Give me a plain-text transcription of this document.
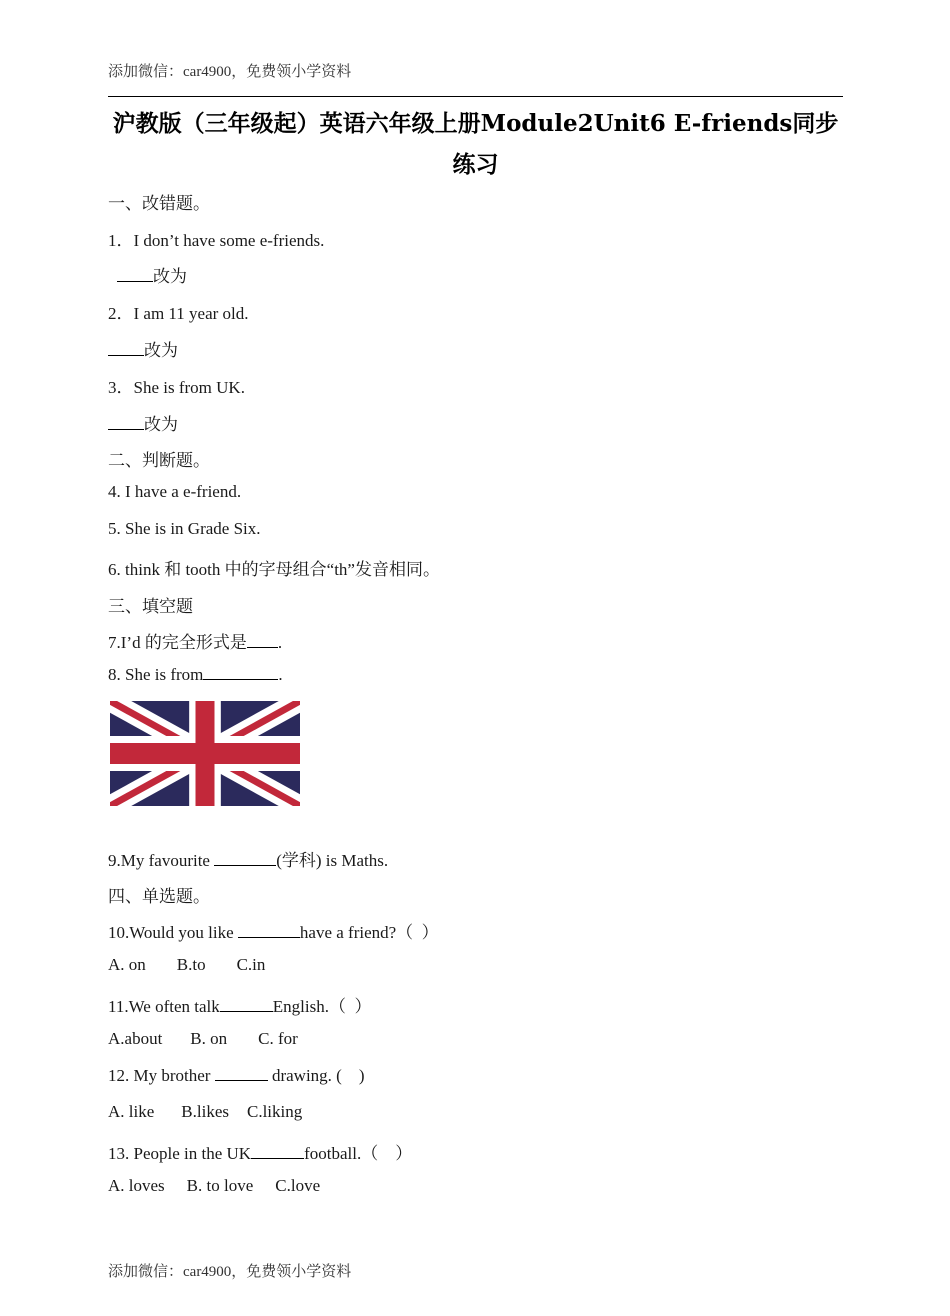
添加微信：car4900，免费领小学资料
沪教版（三年级起）英语六年级上册Module2Unit6 E-friends同步练习
一、改错题。
1．I don’t have some e-friends.
改为
2．I am 11 year old.
改为
3．She is from UK.
改为
二、判断题。
4. I have a e-friend.
5. She is in Grade Six.
6. think 和 tooth 中的字母组合“th”发音相同。
三、填空题
7.I’d 的完全形式是 .
8. She is from	.
9.My favourite	(学科) is Maths.
四、单选题。
10.Would you like	have a friend?（  ）
A. on B.to C.in
11.We often talk	English.（  ）
A.about B. on C. for
12. My brother	drawing. (    )
A. like B.likes C.liking
13. People in the UK	football.（    ）
A. loves B. to love C.love
添加微信：car4900，免费领小学资料
